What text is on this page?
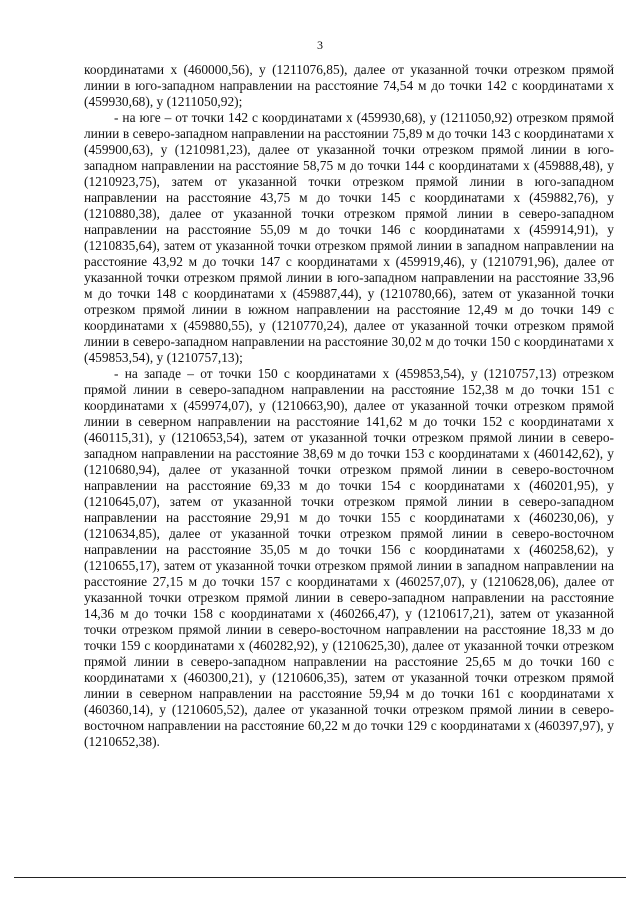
3

координатами х (460000,56), у (1211076,85), далее от указанной точки отрезком прямой линии в юго-западном направлении на расстояние 74,54 м до точки 142 с координатами х (459930,68), у (1211050,92);

- на юге – от точки 142 с координатами х (459930,68), у (1211050,92) отрезком прямой линии в северо-западном направлении на расстоянии 75,89 м до точки 143 с координатами х (459900,63), у (1210981,23), далее от указанной точки отрезком прямой линии в юго-западном направлении на расстояние 58,75 м до точки 144 с координатами х (459888,48), у (1210923,75), затем от указанной точки отрезком прямой линии в юго-западном направлении на расстояние 43,75 м до точки 145 с координатами х (459882,76), у (1210880,38), далее от указанной точки отрезком прямой линии в северо-западном направлении на расстояние 55,09 м до точки 146 с координатами х (459914,91), у (1210835,64), затем от указанной точки отрезком прямой линии в западном направлении на расстояние 43,92 м до точки 147 с координатами х (459919,46), у (1210791,96), далее от указанной точки отрезком прямой линии в юго-западном направлении на расстояние 33,96 м до точки 148 с координатами х (459887,44), у (1210780,66), затем от указанной точки отрезком прямой линии в южном направлении на расстояние 12,49 м до точки 149 с координатами х (459880,55), у (1210770,24), далее от указанной точки отрезком прямой линии в северо-западном направлении на расстояние 30,02 м до точки 150 с координатами х (459853,54), у (1210757,13);

- на западе – от точки 150 с координатами х (459853,54), у (1210757,13) отрезком прямой линии в северо-западном направлении на расстояние 152,38 м до точки 151 с координатами х (459974,07), у (1210663,90), далее от указанной точки отрезком прямой линии в северном направлении на расстояние 141,62 м до точки 152 с координатами х (460115,31), у (1210653,54), затем от указанной точки отрезком прямой линии в северо-западном направлении на расстояние 38,69 м до точки 153 с координатами х (460142,62), у (1210680,94), далее от указанной точки отрезком прямой линии в северо-восточном направлении на расстояние 69,33 м до точки 154 с координатами х (460201,95), у (1210645,07), затем от указанной точки отрезком прямой линии в северо-западном направлении на расстояние 29,91 м до точки 155 с координатами х (460230,06), у (1210634,85), далее от указанной точки отрезком прямой линии в северо-восточном направлении на расстояние 35,05 м до точки 156 с координатами х (460258,62), у (1210655,17), затем от указанной точки отрезком прямой линии в западном направлении на расстояние 27,15 м до точки 157 с координатами х (460257,07), у (1210628,06), далее от указанной точки отрезком прямой линии в северо-западном направлении на расстояние 14,36 м до точки 158 с координатами х (460266,47), у (1210617,21), затем от указанной точки отрезком прямой линии в северо-восточном направлении на расстояние 18,33 м до точки 159 с координатами х (460282,92), у (1210625,30), далее от указанной точки отрезком прямой линии в северо-западном направлении на расстояние 25,65 м до точки 160 с координатами х (460300,21), у (1210606,35), затем от указанной точки отрезком прямой линии в северном направлении на расстояние 59,94 м до точки 161 с координатами х (460360,14), у (1210605,52), далее от указанной точки отрезком прямой линии в северо-восточном направлении на расстояние 60,22 м до точки 129 с координатами х (460397,97), у (1210652,38).
